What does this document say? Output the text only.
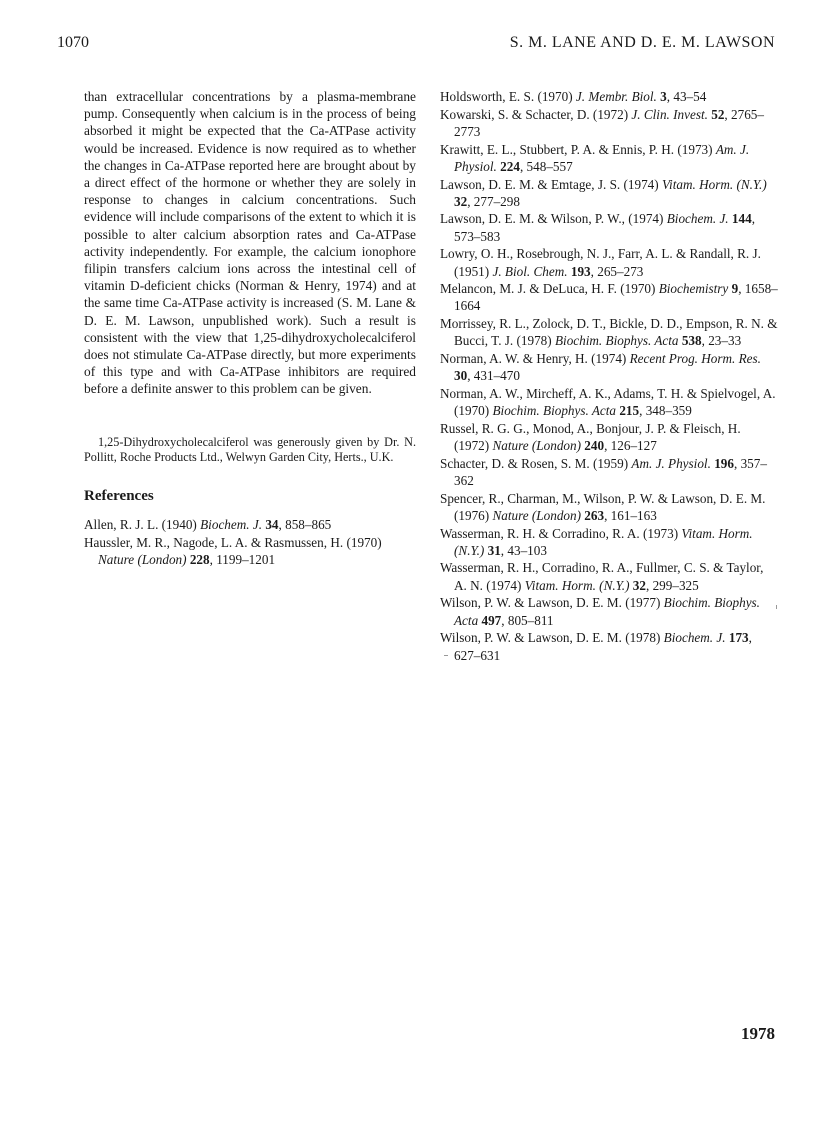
1070	S. M. LANE AND D. E. M. LAWSON

than extracellular concentrations by a plasma-membrane pump. Consequently when calcium is in the process of being absorbed it might be expected that the Ca-ATPase activity would be increased. Evidence is now required as to whether the changes in Ca-ATPase reported here are brought about by a direct effect of the hormone or whether they are solely in response to changes in calcium concentrations. Such evidence will include comparisons of the extent to which it is possible to alter calcium absorption rates and Ca-ATPase activity independently. For example, the calcium ionophore filipin transfers calcium ions across the intestinal cell of vitamin D-deficient chicks (Norman & Henry, 1974) and at the same time Ca-ATPase activity is increased (S. M. Lane & D. E. M. Lawson, unpublished work). Such a result is consistent with the view that 1,25-dihydroxycholecalciferol does not stimulate Ca-ATPase directly, but more experiments of this type and with Ca-ATPase inhibitors are required before a definite answer to this problem can be given.

1,25-Dihydroxycholecalciferol was generously given by Dr. N. Pollitt, Roche Products Ltd., Welwyn Garden City, Herts., U.K.

References
Allen, R. J. L. (1940) Biochem. J. 34, 858–865
Haussler, M. R., Nagode, L. A. & Rasmussen, H. (1970) Nature (London) 228, 1199–1201
Holdsworth, E. S. (1970) J. Membr. Biol. 3, 43–54
Kowarski, S. & Schacter, D. (1972) J. Clin. Invest. 52, 2765–2773
Krawitt, E. L., Stubbert, P. A. & Ennis, P. H. (1973) Am. J. Physiol. 224, 548–557
Lawson, D. E. M. & Emtage, J. S. (1974) Vitam. Horm. (N.Y.) 32, 277–298
Lawson, D. E. M. & Wilson, P. W., (1974) Biochem. J. 144, 573–583
Lowry, O. H., Rosebrough, N. J., Farr, A. L. & Randall, R. J. (1951) J. Biol. Chem. 193, 265–273
Melancon, M. J. & DeLuca, H. F. (1970) Biochemistry 9, 1658–1664
Morrissey, R. L., Zolock, D. T., Bickle, D. D., Empson, R. N. & Bucci, T. J. (1978) Biochim. Biophys. Acta 538, 23–33
Norman, A. W. & Henry, H. (1974) Recent Prog. Horm. Res. 30, 431–470
Norman, A. W., Mircheff, A. K., Adams, T. H. & Spielvogel, A. (1970) Biochim. Biophys. Acta 215, 348–359
Russel, R. G. G., Monod, A., Bonjour, J. P. & Fleisch, H. (1972) Nature (London) 240, 126–127
Schacter, D. & Rosen, S. M. (1959) Am. J. Physiol. 196, 357–362
Spencer, R., Charman, M., Wilson, P. W. & Lawson, D. E. M. (1976) Nature (London) 263, 161–163
Wasserman, R. H. & Corradino, R. A. (1973) Vitam. Horm. (N.Y.) 31, 43–103
Wasserman, R. H., Corradino, R. A., Fullmer, C. S. & Taylor, A. N. (1974) Vitam. Horm. (N.Y.) 32, 299–325
Wilson, P. W. & Lawson, D. E. M. (1977) Biochim. Biophys. Acta 497, 805–811
Wilson, P. W. & Lawson, D. E. M. (1978) Biochem. J. 173, 627–631
1978
